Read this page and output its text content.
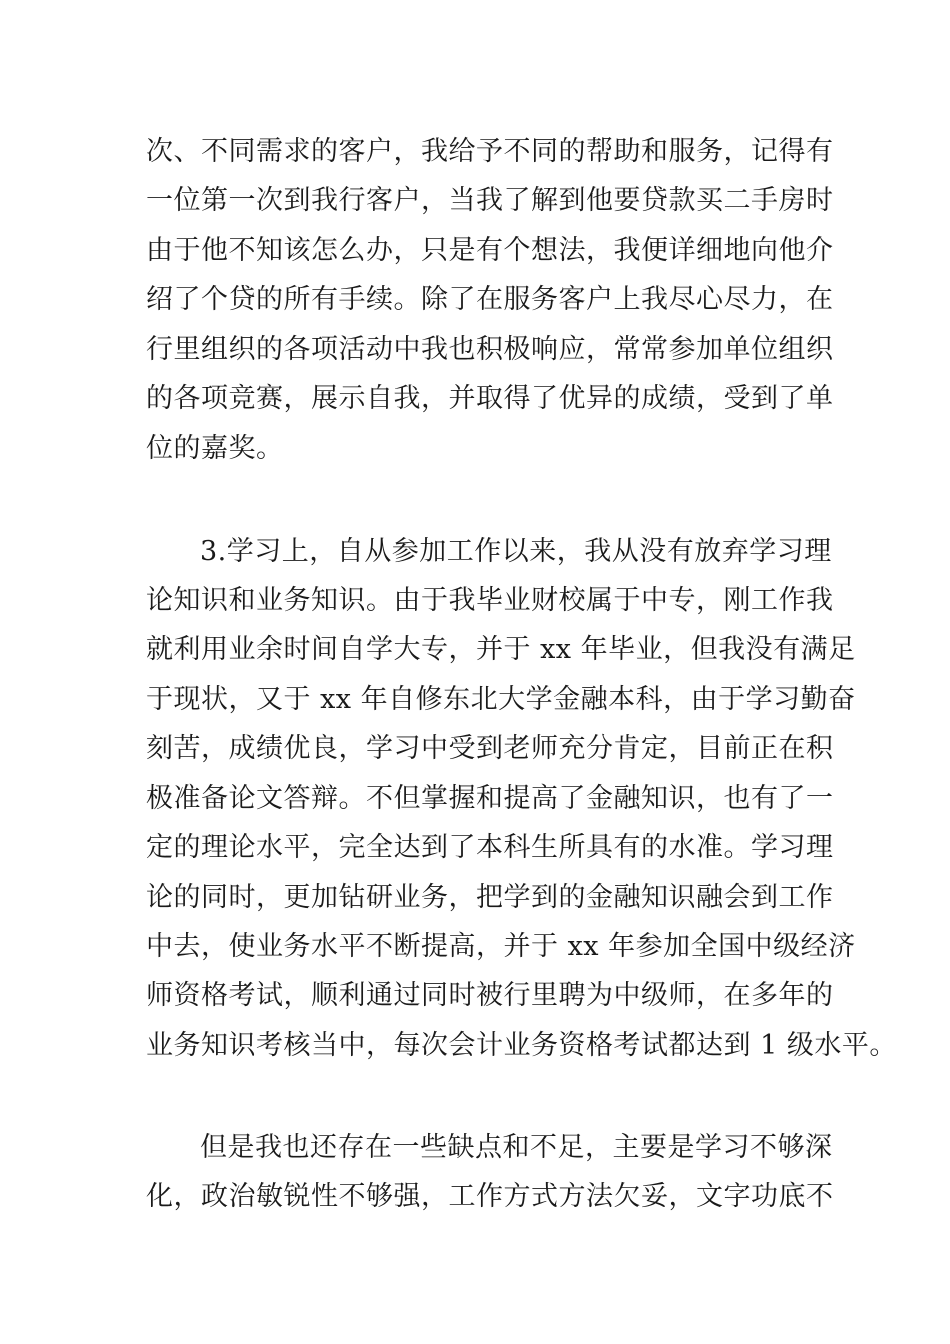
次、不同需求的客户，我给予不同的帮助和服务，记得有
一位第一次到我行客户，当我了解到他要贷款买二手房时
由于他不知该怎么办，只是有个想法，我便详细地向他介
绍了个贷的所有手续。除了在服务客户上我尽心尽力，在
行里组织的各项活动中我也积极响应，常常参加单位组织
的各项竞赛，展示自我，并取得了优异的成绩，受到了单
位的嘉奖。
3.学习上，自从参加工作以来，我从没有放弃学习理
论知识和业务知识。由于我毕业财校属于中专，刚工作我
就利用业余时间自学大专，并于 xx 年毕业，但我没有满足
于现状，又于 xx 年自修东北大学金融本科，由于学习勤奋
刻苦，成绩优良，学习中受到老师充分肯定，目前正在积
极准备论文答辩。不但掌握和提高了金融知识，也有了一
定的理论水平，完全达到了本科生所具有的水准。学习理
论的同时，更加钻研业务，把学到的金融知识融会到工作
中去，使业务水平不断提高，并于 xx 年参加全国中级经济
师资格考试，顺利通过同时被行里聘为中级师，在多年的
业务知识考核当中，每次会计业务资格考试都达到 1 级水平。
但是我也还存在一些缺点和不足，主要是学习不够深
化，政治敏锐性不够强，工作方式方法欠妥，文字功底不
